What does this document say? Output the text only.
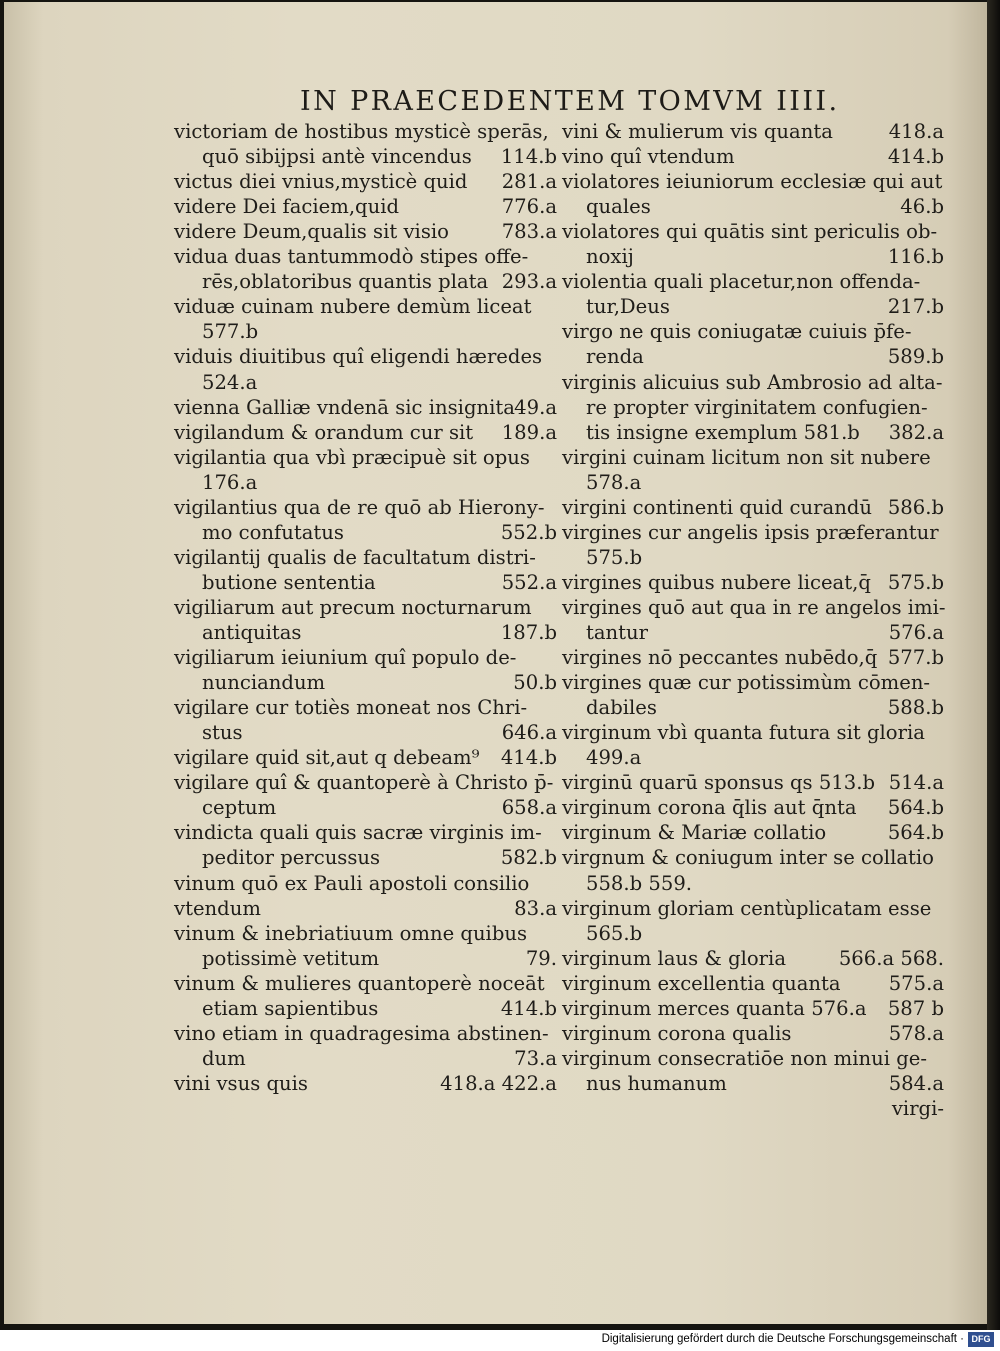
IN PRAECEDENTEM TOMVM IIII.
victoriam de hostibus mysticè sperās,
quō sibijpsi antè vincendus 114.b
victus diei vnius,mysticè quid 281.a
videre Dei faciem,quid	776.a
videre Deum,qualis sit visio	783.a
vidua duas tantummodò stipes offe-
rēs,oblatoribus quantis plata 293.a
viduæ cuinam nubere demùm liceat
577.b
viduis diuitibus quî eligendi hæredes
524.a
vienna Galliæ vndenā sic insignita 49.a
vigilandum & orandum cur sit 189.a
vigilantia qua vbì præcipuè sit opus
176.a
vigilantius qua de re quō ab Hierony-
mo confutatus	552.b
vigilantij qualis de facultatum distri-
butione sententia	552.a
vigiliarum aut precum nocturnarum
antiquitas	187.b
vigiliarum ieiunium quî populo de-
nunciandum	50.b
vigilare cur totiès moneat nos Chri-
stus	646.a
vigilare quid sit,aut q debeam⁹ 414.b
vigilare quî & quantoperè à Christo p̄-
ceptum	658.a
vindicta quali quis sacræ virginis im-
peditor percussus	582.b
vinum quō ex Pauli apostoli consilio
vtendum	83.a
vinum & inebriatiuum omne quibus
potissimè vetitum	79.
vinum & mulieres quantoperè noceāt
etiam sapientibus	414.b
vino etiam in quadragesima abstinen-
dum	73.a
vini vsus quis	418.a 422.a
vini & mulierum vis quanta	418.a
vino quî vtendum	414.b
violatores ieiuniorum ecclesiæ qui aut
quales	46.b
violatores qui quātis sint periculis ob-
noxij	116.b
violentia quali placetur,non offenda-
tur,Deus	217.b
virgo ne quis coniugatæ cuiuis p̄fe-
renda	589.b
virginis alicuius sub Ambrosio ad alta-
re propter virginitatem confugien-
tis insigne exemplum 581.b 382.a
virgini cuinam licitum non sit nubere
578.a
virgini continenti quid curandū 586.b
virgines cur angelis ipsis præferantur
575.b
virgines quibus nubere liceat,q̄ 575.b
virgines quō aut qua in re angelos imi-
tantur	576.a
virgines nō peccantes nubēdo,q̄ 577.b
virgines quæ cur potissimùm cōmen-
dabiles	588.b
virginum vbì quanta futura sit gloria
499.a
virginū quarū sponsus qs 513.b 514.a
virginum corona q̄lis aut q̄nta 564.b
virginum & Mariæ collatio	564.b
virgnum & coniugum inter se collatio
558.b 559.
virginum gloriam centùplicatam esse
565.b
virginum laus & gloria	566.a 568.
virginum excellentia quanta 575.a
virginum merces quanta 576.a 587 b
virginum corona qualis	578.a
virginum consecratiōe non minui ge-
nus humanum	584.a
virgi-
Digitalisierung gefördert durch die Deutsche Forschungsgemeinschaft · DFG
